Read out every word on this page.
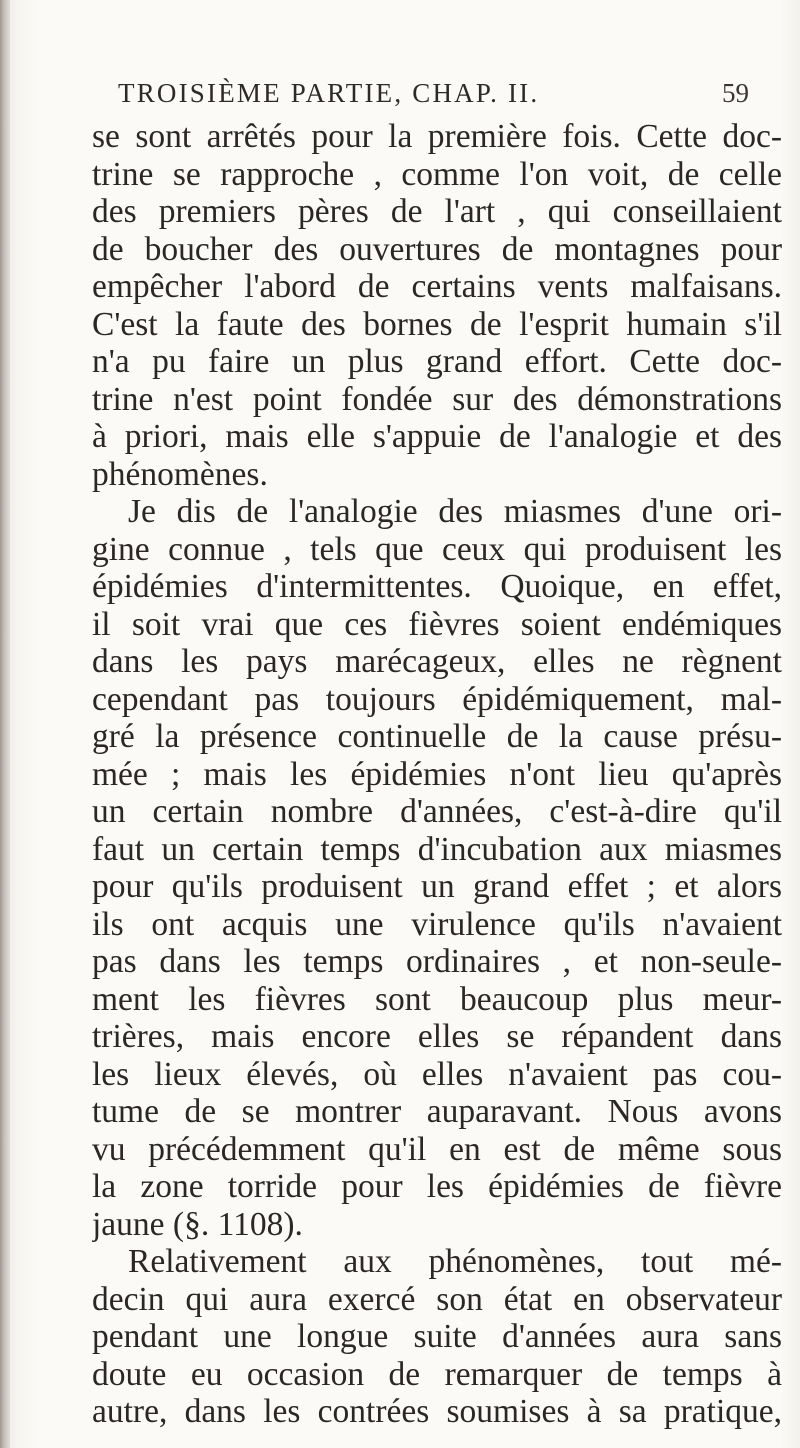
TROISIÈME PARTIE, CHAP. II.	59
se sont arrêtés pour la première fois. Cette doc-
trine se rapproche , comme l'on voit, de celle
des premiers pères de l'art , qui conseillaient
de boucher des ouvertures de montagnes pour
empêcher l'abord de certains vents malfaisans.
C'est la faute des bornes de l'esprit humain s'il
n'a pu faire un plus grand effort. Cette doc-
trine n'est point fondée sur des démonstrations
à priori, mais elle s'appuie de l'analogie et des
phénomènes.
Je dis de l'analogie des miasmes d'une ori-
gine connue , tels que ceux qui produisent les
épidémies d'intermittentes. Quoique, en effet,
il soit vrai que ces fièvres soient endémiques
dans les pays marécageux, elles ne règnent
cependant pas toujours épidémiquement, mal-
gré la présence continuelle de la cause présu-
mée ; mais les épidémies n'ont lieu qu'après
un certain nombre d'années, c'est-à-dire qu'il
faut un certain temps d'incubation aux miasmes
pour qu'ils produisent un grand effet ; et alors
ils ont acquis une virulence qu'ils n'avaient
pas dans les temps ordinaires , et non-seule-
ment les fièvres sont beaucoup plus meur-
trières, mais encore elles se répandent dans
les lieux élevés, où elles n'avaient pas cou-
tume de se montrer auparavant. Nous avons
vu précédemment qu'il en est de même sous
la zone torride pour les épidémies de fièvre
jaune (§. 1108).
Relativement aux phénomènes, tout mé-
decin qui aura exercé son état en observateur
pendant une longue suite d'années aura sans
doute eu occasion de remarquer de temps à
autre, dans les contrées soumises à sa pratique,
